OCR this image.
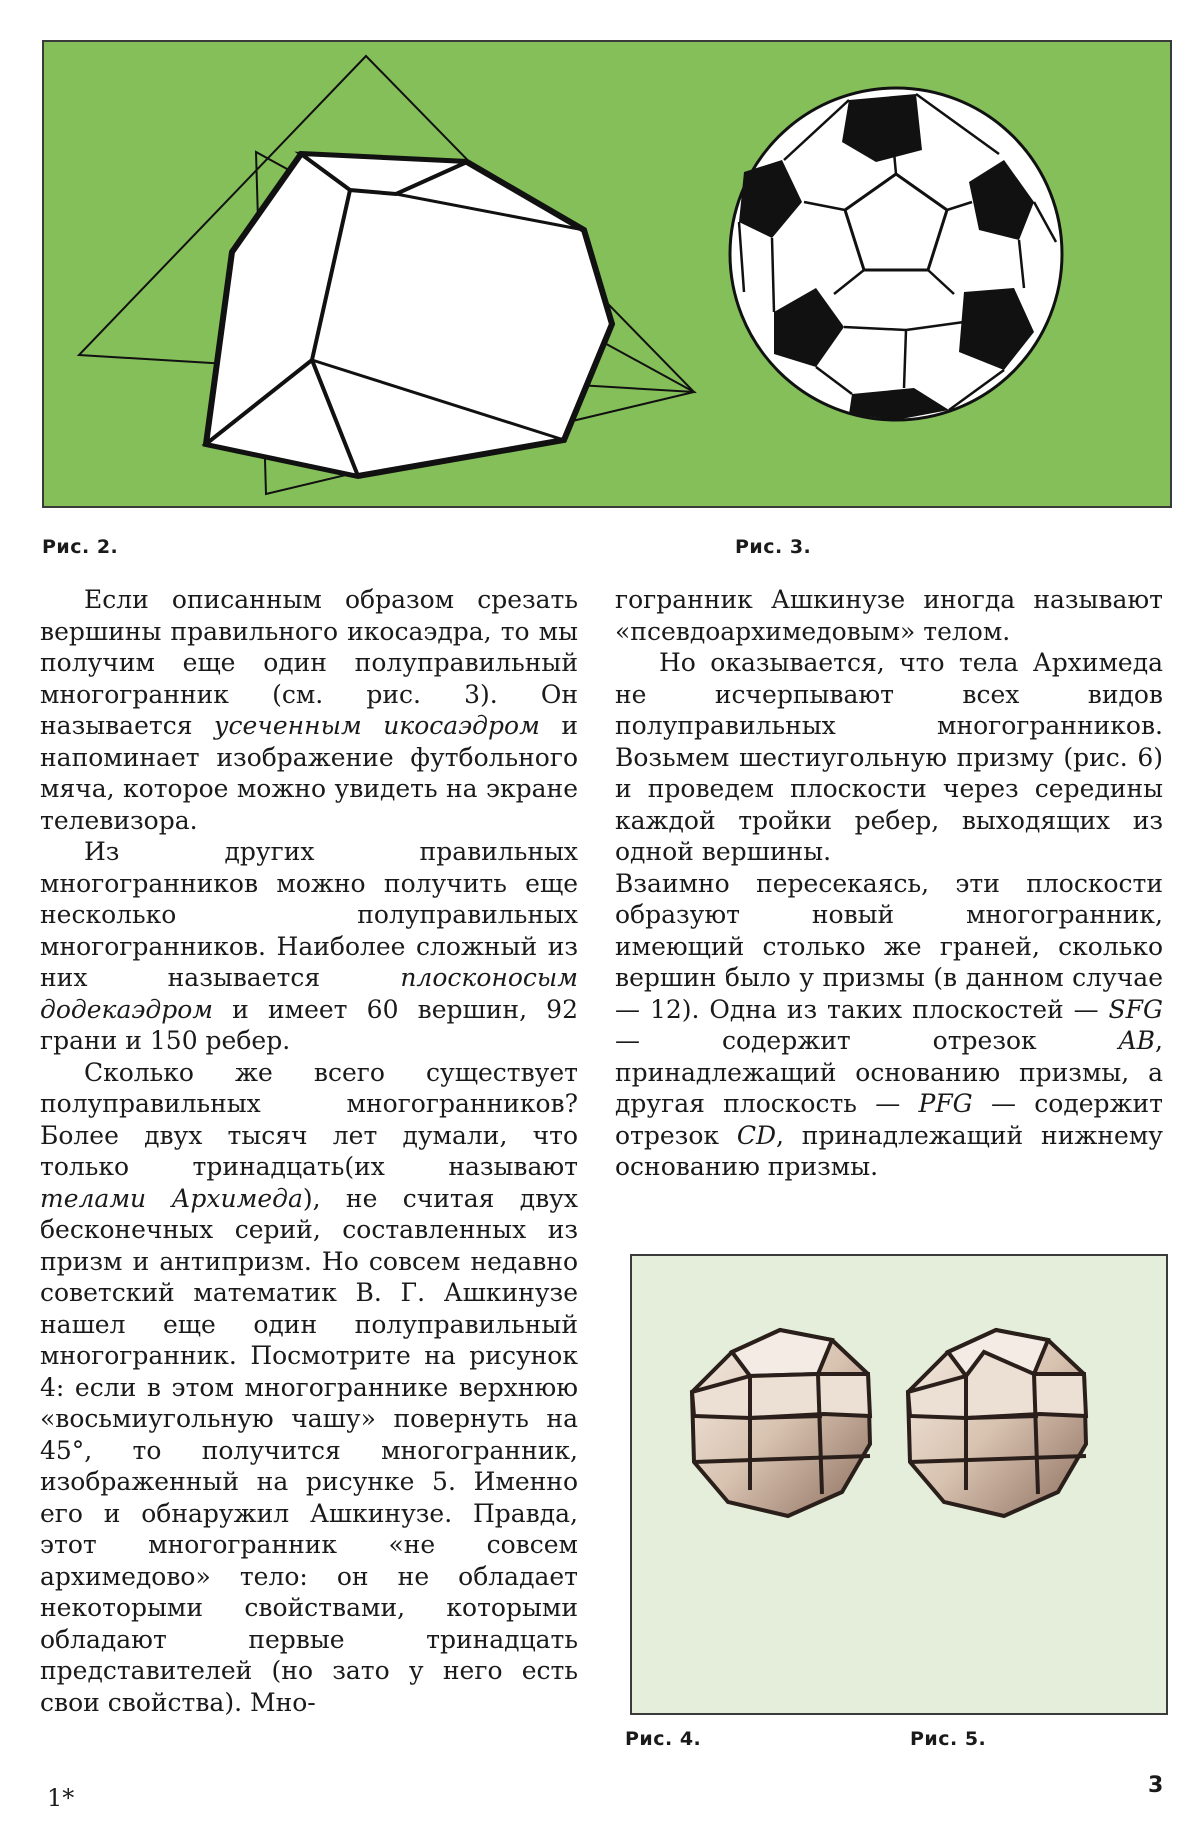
Рис. 2.	Рис. 3.

Если описанным образом срезать вершины правильного икосаэдра, то мы получим еще один полуправильный многогранник (см. рис. 3). Он называется усеченным икосаэдром и напоминает изображение футбольного мяча, которое можно увидеть на экране телевизора.

Из других правильных многогранников можно получить еще несколько полуправильных многогранников. Наиболее сложный из них называется плосконосым додекаэдром и имеет 60 вершин, 92 грани и 150 ребер.

Сколько же всего существует полуправильных многогранников? Более двух тысяч лет думали, что только тринадцать(их называют телами Архимеда), не считая двух бесконечных серий, составленных из призм и антипризм. Но совсем недавно советский математик В. Г. Ашкинузе нашел еще один полуправильный многогранник. Посмотрите на рисунок 4: если в этом многограннике верхнюю «восьмиугольную чашу» повернуть на 45°, то получится многогранник, изображенный на рисунке 5. Именно его и обнаружил Ашкинузе. Правда, этот многогранник «не совсем архимедово» тело: он не обладает некоторыми свойствами, которыми обладают первые тринадцать представителей (но зато у него есть свои свойства). Мно-

гогранник Ашкинузе иногда называют «псевдоархимедовым» телом.

Но оказывается, что тела Архимеда не исчерпывают всех видов полуправильных многогранников. Возьмем шестиугольную призму (рис. 6) и проведем плоскости через середины каждой тройки ребер, выходящих из одной вершины.

Взаимно пересекаясь, эти плоскости образуют новый многогранник, имеющий столько же граней, сколько вершин было у призмы (в данном случае — 12). Одна из таких плоскостей — SFG — содержит отрезок AB, принадлежащий основанию призмы, а другая плоскость — PFG — содержит отрезок CD, принадлежащий нижнему основанию призмы.

Рис. 4.	Рис. 5.
1*	3
